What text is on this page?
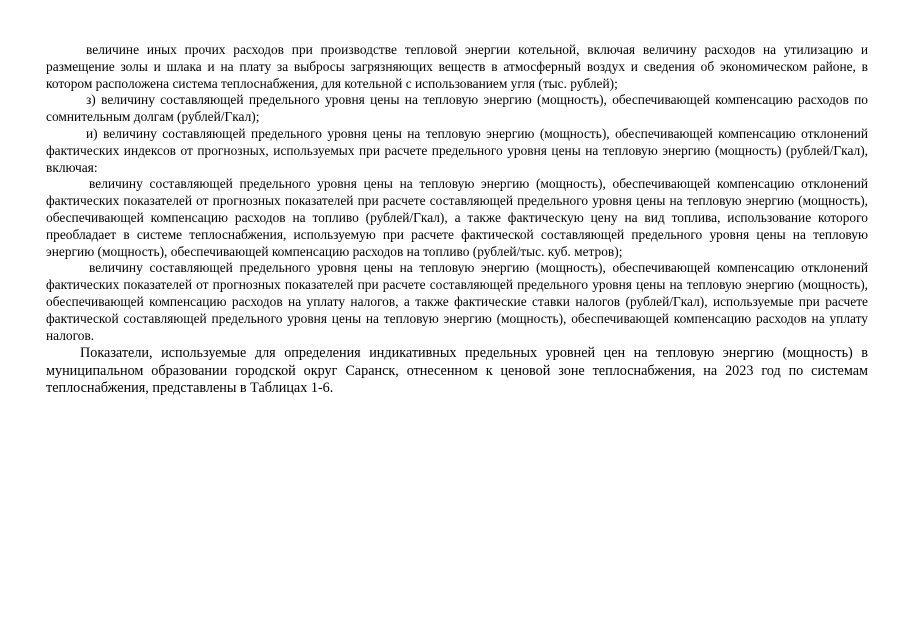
величине иных прочих расходов при производстве тепловой энергии котельной, включая величину расходов на утилизацию и размещение золы и шлака и на плату за выбросы загрязняющих веществ в атмосферный воздух и сведения об экономическом районе, в котором расположена система теплоснабжения, для котельной с использованием угля (тыс. рублей);

з) величину составляющей предельного уровня цены на тепловую энергию (мощность), обеспечивающей компенсацию расходов по сомнительным долгам (рублей/Гкал);

и) величину составляющей предельного уровня цены на тепловую энергию (мощность), обеспечивающей компенсацию отклонений фактических индексов от прогнозных, используемых при расчете предельного уровня цены на тепловую энергию (мощность) (рублей/Гкал), включая:

величину составляющей предельного уровня цены на тепловую энергию (мощность), обеспечивающей компенсацию отклонений фактических показателей от прогнозных показателей при расчете составляющей предельного уровня цены на тепловую энергию (мощность), обеспечивающей компенсацию расходов на топливо (рублей/Гкал), а также фактическую цену на вид топлива, использование которого преобладает в системе теплоснабжения, используемую при расчете фактической составляющей предельного уровня цены на тепловую энергию (мощность), обеспечивающей компенсацию расходов на топливо (рублей/тыс. куб. метров);

величину составляющей предельного уровня цены на тепловую энергию (мощность), обеспечивающей компенсацию отклонений фактических показателей от прогнозных показателей при расчете составляющей предельного уровня цены на тепловую энергию (мощность), обеспечивающей компенсацию расходов на уплату налогов, а также фактические ставки налогов (рублей/Гкал), используемые при расчете фактической составляющей предельного уровня цены на тепловую энергию (мощность), обеспечивающей компенсацию расходов на уплату налогов.

Показатели, используемые для определения индикативных предельных уровней цен на тепловую энергию (мощность) в муниципальном образовании городской округ Саранск, отнесенном к ценовой зоне теплоснабжения, на 2023 год по системам теплоснабжения, представлены в Таблицах 1-6.
